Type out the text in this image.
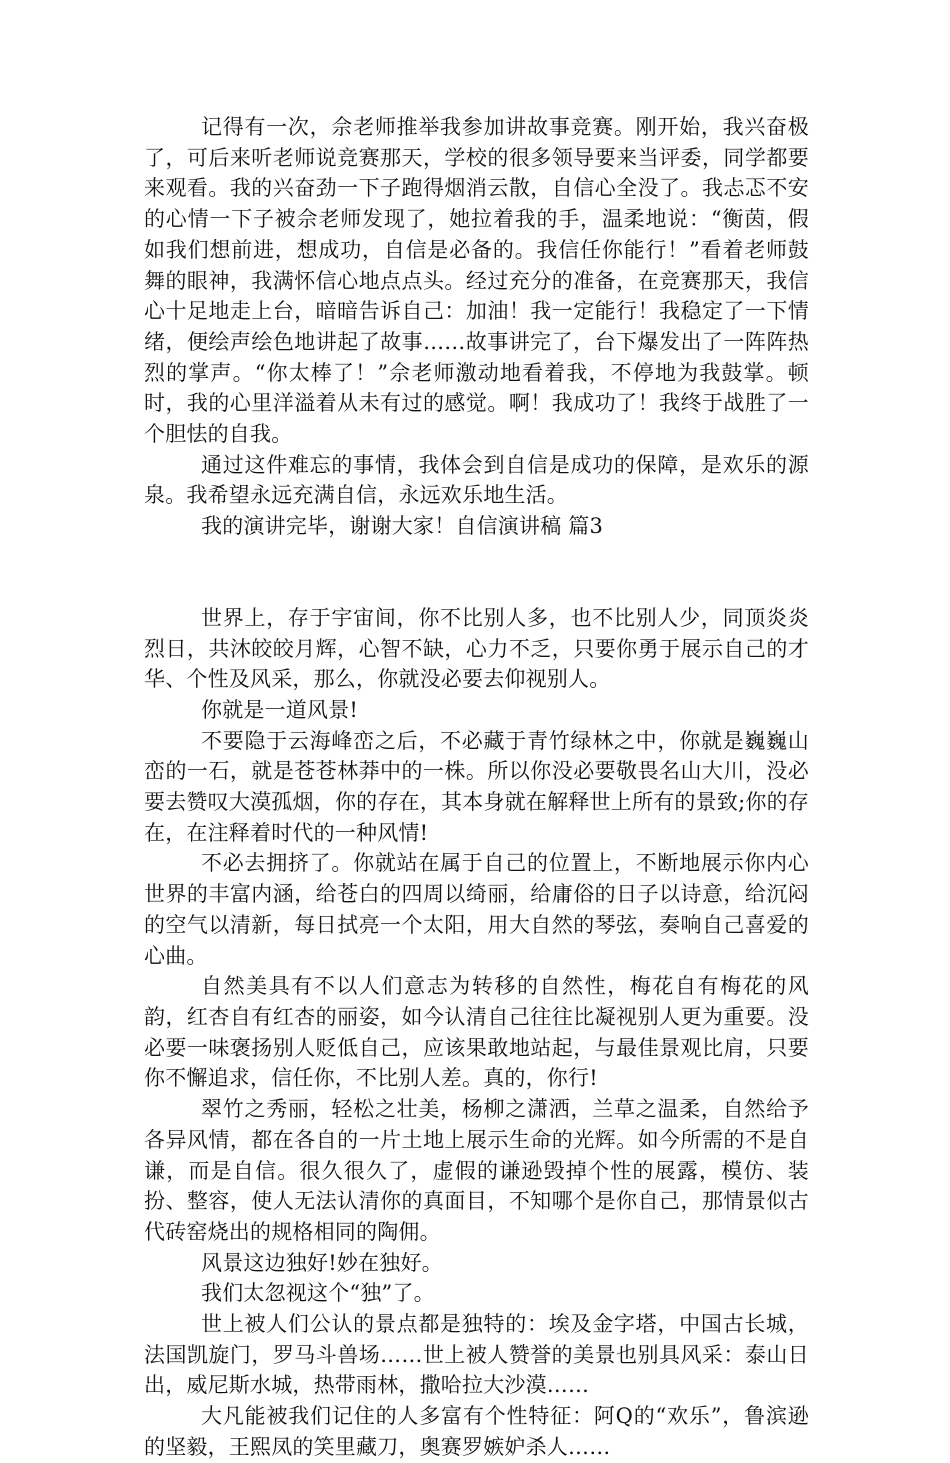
记得有一次，佘老师推举我参加讲故事竞赛。刚开始，我兴奋极了，可后来听老师说竞赛那天，学校的很多领导要来当评委，同学都要来观看。我的兴奋劲一下子跑得烟消云散，自信心全没了。我忐忑不安的心情一下子被佘老师发现了，她拉着我的手，温柔地说：“衡茵，假如我们想前进，想成功，自信是必备的。我信任你能行！”看着老师鼓舞的眼神，我满怀信心地点点头。经过充分的准备，在竞赛那天，我信心十足地走上台，暗暗告诉自己：加油！我一定能行！我稳定了一下情绪，便绘声绘色地讲起了故事……故事讲完了，台下爆发出了一阵阵热烈的掌声。“你太棒了！”佘老师激动地看着我，不停地为我鼓掌。顿时，我的心里洋溢着从未有过的感觉。啊！我成功了！我终于战胜了一个胆怯的自我。

通过这件难忘的事情，我体会到自信是成功的保障，是欢乐的源泉。我希望永远充满自信，永远欢乐地生活。

我的演讲完毕，谢谢大家！自信演讲稿 篇3

世界上，存于宇宙间，你不比别人多，也不比别人少，同顶炎炎烈日，共沐皎皎月辉，心智不缺，心力不乏，只要你勇于展示自己的才华、个性及风采，那么，你就没必要去仰视别人。

你就是一道风景!

不要隐于云海峰峦之后，不必藏于青竹绿林之中，你就是巍巍山峦的一石，就是苍苍林莽中的一株。所以你没必要敬畏名山大川，没必要去赞叹大漠孤烟，你的存在，其本身就在解释世上所有的景致;你的存在，在注释着时代的一种风情!

不必去拥挤了。你就站在属于自己的位置上，不断地展示你内心世界的丰富内涵，给苍白的四周以绮丽，给庸俗的日子以诗意，给沉闷的空气以清新，每日拭亮一个太阳，用大自然的琴弦，奏响自己喜爱的心曲。

自然美具有不以人们意志为转移的自然性，梅花自有梅花的风韵，红杏自有红杏的丽姿，如今认清自己往往比凝视别人更为重要。没必要一味褒扬别人贬低自己，应该果敢地站起，与最佳景观比肩，只要你不懈追求，信任你，不比别人差。真的，你行!

翠竹之秀丽，轻松之壮美，杨柳之潇洒，兰草之温柔，自然给予各异风情，都在各自的一片土地上展示生命的光辉。如今所需的不是自谦，而是自信。很久很久了，虚假的谦逊毁掉个性的展露，模仿、装扮、整容，使人无法认清你的真面目，不知哪个是你自己，那情景似古代砖窑烧出的规格相同的陶佣。

风景这边独好!妙在独好。

我们太忽视这个“独”了。

世上被人们公认的景点都是独特的：埃及金字塔，中国古长城，法国凯旋门，罗马斗兽场……世上被人赞誉的美景也别具风采：泰山日出，威尼斯水城，热带雨林，撒哈拉大沙漠……

大凡能被我们记住的人多富有个性特征：阿Q的“欢乐”，鲁滨逊的坚毅，王熙凤的笑里藏刀，奥赛罗嫉妒杀人……
